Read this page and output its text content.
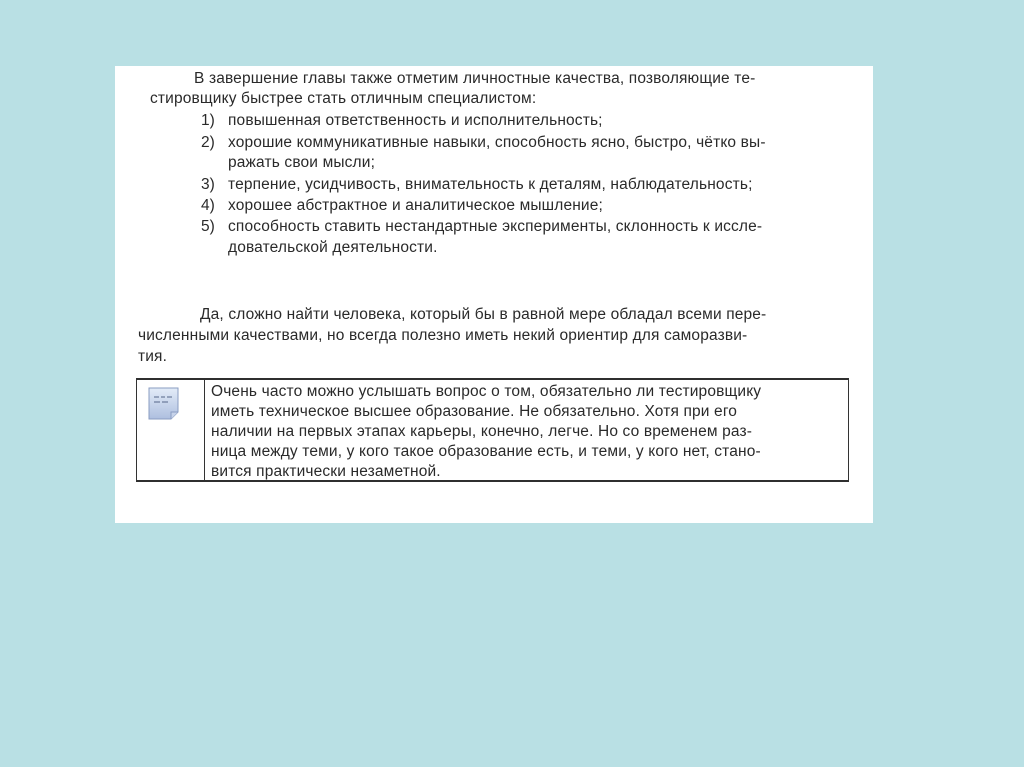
В завершение главы также отметим личностные качества, позволяющие те-
стировщику быстрее стать отличным специалистом:
1) повышенная ответственность и исполнительность;
2) хорошие коммуникативные навыки, способность ясно, быстро, чётко вы-
ражать свои мысли;
3) терпение, усидчивость, внимательность к деталям, наблюдательность;
4) хорошее абстрактное и аналитическое мышление;
5) способность ставить нестандартные эксперименты, склонность к иссле-
довательской деятельности.
Да, сложно найти человека, который бы в равной мере обладал всеми пере-
численными качествами, но всегда полезно иметь некий ориентир для саморазви-
тия.
Очень часто можно услышать вопрос о том, обязательно ли тестировщику
иметь техническое высшее образование. Не обязательно. Хотя при его
наличии на первых этапах карьеры, конечно, легче. Но со временем раз-
ница между теми, у кого такое образование есть, и теми, у кого нет, стано-
вится практически незаметной.
